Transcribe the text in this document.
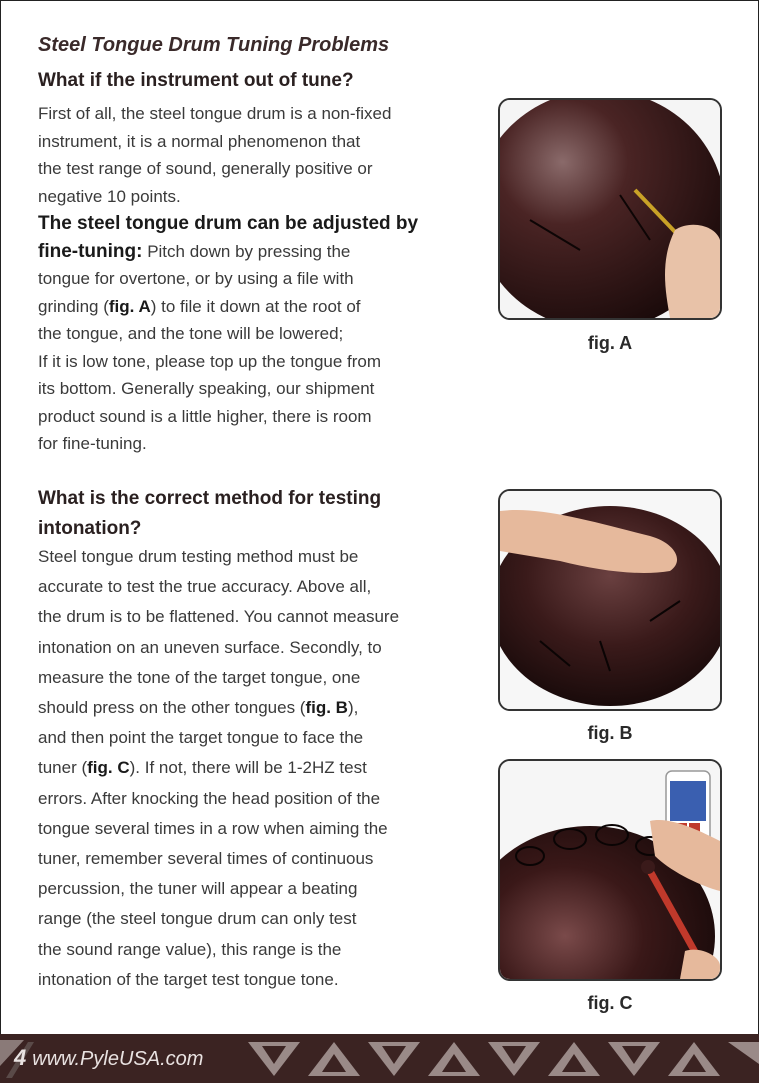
Steel Tongue Drum Tuning Problems
What if the instrument out of tune?
First of all, the steel tongue drum is a non-fixed
instrument, it is a normal phenomenon that
the test range of sound, generally positive or
negative 10 points.
The steel tongue drum can be adjusted by
fine-tuning: Pitch down by pressing the
tongue for overtone, or by using a file with
grinding (fig. A) to file it down at the root of
the tongue, and the tone will be lowered;
If it is low tone, please top up the tongue from
its bottom. Generally speaking, our shipment
product sound is a little higher, there is room
for fine-tuning.
What is the correct method for testing
intonation?
Steel tongue drum testing method must be
accurate to test the true accuracy. Above all,
the drum is to be flattened. You cannot measure
intonation on an uneven surface. Secondly, to
measure the tone of the target tongue, one
should press on the other tongues (fig. B),
and then point the target tongue to face the
tuner (fig. C). If not, there will be 1-2HZ test
errors. After knocking the head position of the
tongue several times in a row when aiming the
tuner, remember several times of continuous
percussion, the tuner will appear a beating
range (the steel tongue drum can only test
the sound range value), this range is the
intonation of the target test tongue tone.
fig. A
fig. B
fig. C
4 www.PyleUSA.com
